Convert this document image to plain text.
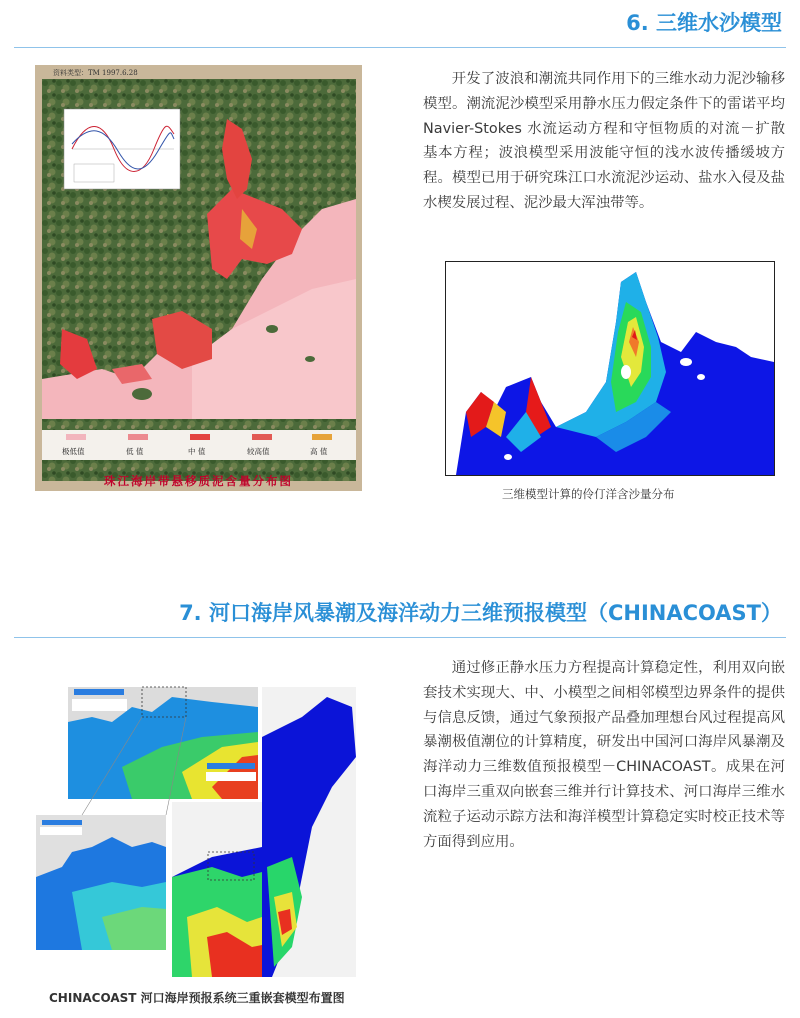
6. 三维水沙模型
开发了波浪和潮流共同作用下的三维水动力泥沙输移模型。潮流泥沙模型采用静水压力假定条件下的雷诺平均 Navier-Stokes 水流运动方程和守恒物质的对流－扩散基本方程；波浪模型采用波能守恒的浅水波传播缓坡方程。模型已用于研究珠江口水流泥沙运动、盐水入侵及盐水楔发展过程、泥沙最大浑浊带等。
资料类型：TM 1997.6.28
珠江海岸带悬移质泥含量分布图
极低值	低 值	中 值	较高值	高 值
三维模型计算的伶仃洋含沙量分布
7. 河口海岸风暴潮及海洋动力三维预报模型（CHINACOAST）
通过修正静水压力方程提高计算稳定性，利用双向嵌套技术实现大、中、小模型之间相邻模型边界条件的提供与信息反馈，通过气象预报产品叠加理想台风过程提高风暴潮极值潮位的计算精度，研发出中国河口海岸风暴潮及海洋动力三维数值预报模型－CHINACOAST。成果在河口海岸三重双向嵌套三维并行计算技术、河口海岸三维水流粒子运动示踪方法和海洋模型计算稳定实时校正技术等方面得到应用。
CHINACOAST 河口海岸预报系统三重嵌套模型布置图
